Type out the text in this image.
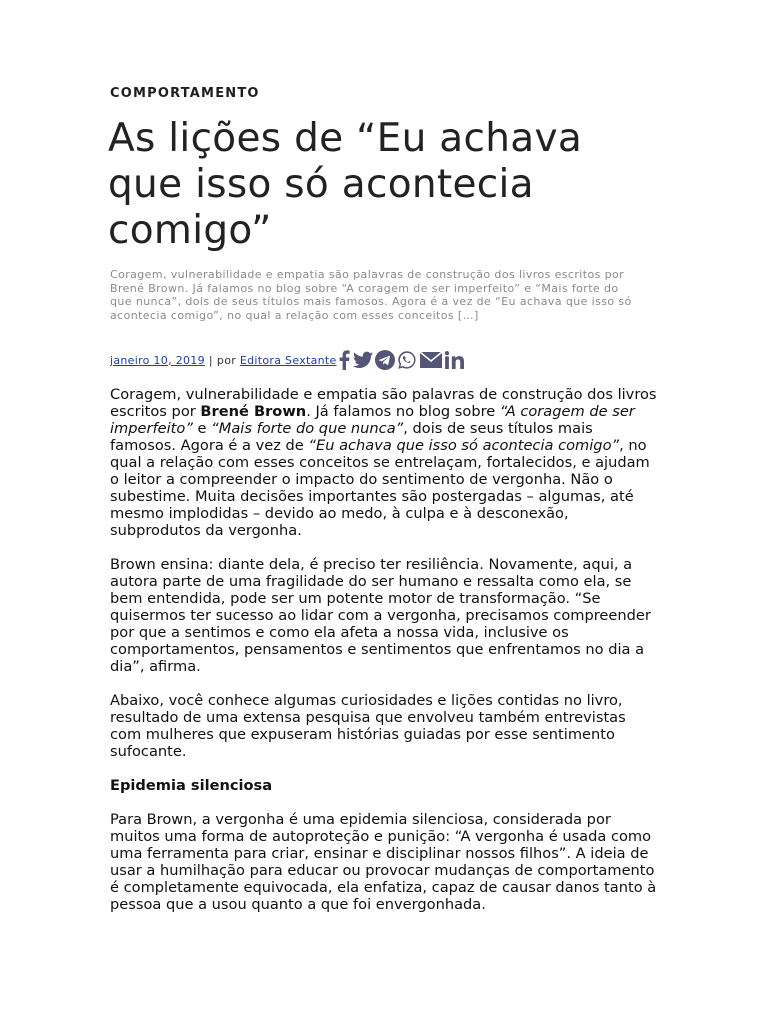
COMPORTAMENTO
As lições de “Eu achava que isso só acontecia comigo”

Coragem, vulnerabilidade e empatia são palavras de construção dos livros escritos por Brené Brown. Já falamos no blog sobre “A coragem de ser imperfeito” e “Mais forte do que nunca”, dois de seus títulos mais famosos. Agora é a vez de “Eu achava que isso só acontecia comigo”, no qual a relação com esses conceitos […]

janeiro 10, 2019 | por
Editora Sextante

Coragem, vulnerabilidade e empatia são palavras de construção dos livros escritos por Brené Brown. Já falamos no blog sobre “A coragem de ser imperfeito” e “Mais forte do que nunca”, dois de seus títulos mais famosos. Agora é a vez de “Eu achava que isso só acontecia comigo”, no qual a relação com esses conceitos se entrelaçam, fortalecidos, e ajudam o leitor a compreender o impacto do sentimento de vergonha. Não o subestime. Muita decisões importantes são postergadas – algumas, até mesmo implodidas – devido ao medo, à culpa e à desconexão, subprodutos da vergonha.

Brown ensina: diante dela, é preciso ter resiliência. Novamente, aqui, a autora parte de uma fragilidade do ser humano e ressalta como ela, se bem entendida, pode ser um potente motor de transformação. “Se quisermos ter sucesso ao lidar com a vergonha, precisamos compreender por que a sentimos e como ela afeta a nossa vida, inclusive os comportamentos, pensamentos e sentimentos que enfrentamos no dia a dia”, afirma.

Abaixo, você conhece algumas curiosidades e lições contidas no livro, resultado de uma extensa pesquisa que envolveu também entrevistas com mulheres que expuseram histórias guiadas por esse sentimento sufocante.

Epidemia silenciosa

Para Brown, a vergonha é uma epidemia silenciosa, considerada por muitos uma forma de autoproteção e punição: “A vergonha é usada como uma ferramenta para criar, ensinar e disciplinar nossos filhos”. A ideia de usar a humilhação para educar ou provocar mudanças de comportamento é completamente equivocada, ela enfatiza, capaz de causar danos tanto à pessoa que a usou quanto a que foi envergonhada.
